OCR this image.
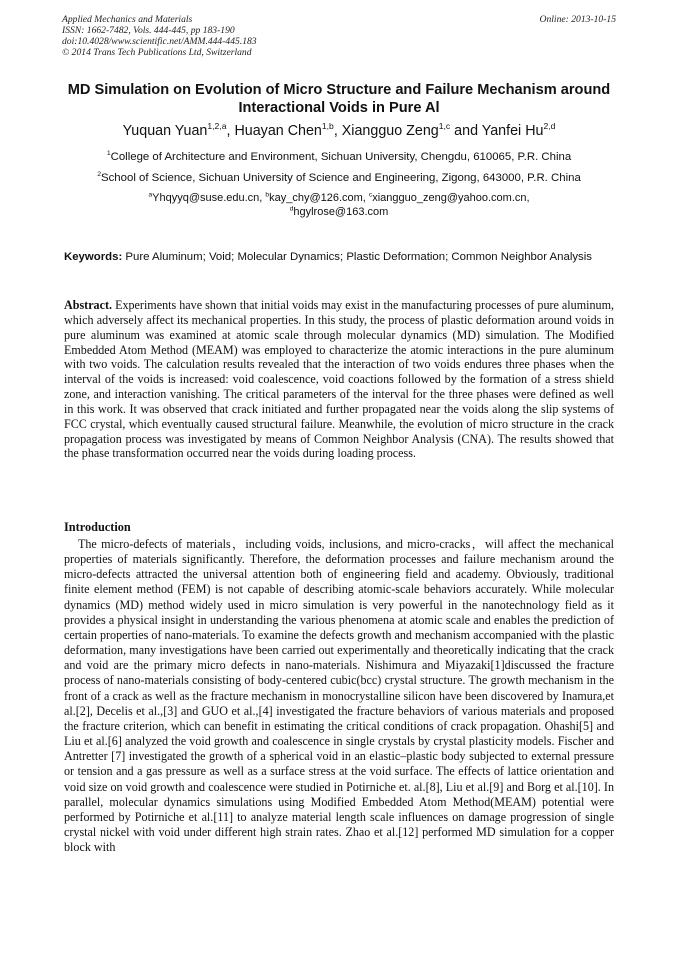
Applied Mechanics and Materials
ISSN: 1662-7482, Vols. 444-445, pp 183-190
doi:10.4028/www.scientific.net/AMM.444-445.183
© 2014 Trans Tech Publications Ltd, Switzerland
Online: 2013-10-15
MD Simulation on Evolution of Micro Structure and Failure Mechanism around Interactional Voids in Pure Al
Yuquan Yuan$^{1,2,a}$, Huayan Chen$^{1,b}$, Xiangguo Zeng$^{1,c}$ and Yanfei Hu$^{2,d}$
$^1$College of Architecture and Environment, Sichuan University, Chengdu, 610065, P.R. China
$^2$School of Science, Sichuan University of Science and Engineering, Zigong, 643000, P.R. China
$^a$Yhqyyq@suse.edu.cn, $^b$kay_chy@126.com, $^c$xiangguo_zeng@yahoo.com.cn,
$^d$hgylrose@163.com
Keywords: Pure Aluminum; Void; Molecular Dynamics; Plastic Deformation; Common Neighbor Analysis
Abstract. Experiments have shown that initial voids may exist in the manufacturing processes of pure aluminum, which adversely affect its mechanical properties. In this study, the process of plastic deformation around voids in pure aluminum was examined at atomic scale through molecular dynamics (MD) simulation. The Modified Embedded Atom Method (MEAM) was employed to characterize the atomic interactions in the pure aluminum with two voids. The calculation results revealed that the interaction of two voids endures three phases when the interval of the voids is increased: void coalescence, void coactions followed by the formation of a stress shield zone, and interaction vanishing. The critical parameters of the interval for the three phases were defined as well in this work. It was observed that crack initiated and further propagated near the voids along the slip systems of FCC crystal, which eventually caused structural failure. Meanwhile, the evolution of micro structure in the crack propagation process was investigated by means of Common Neighbor Analysis (CNA). The results showed that the phase transformation occurred near the voids during loading process.
Introduction
The micro-defects of materials，including voids, inclusions, and micro-cracks，will affect the mechanical properties of materials significantly. Therefore, the deformation processes and failure mechanism around the micro-defects attracted the universal attention both of engineering field and academy. Obviously, traditional finite element method (FEM) is not capable of describing atomic-scale behaviors accurately. While molecular dynamics (MD) method widely used in micro simulation is very powerful in the nanotechnology field as it provides a physical insight in understanding the various phenomena at atomic scale and enables the prediction of certain properties of nano-materials. To examine the defects growth and mechanism accompanied with the plastic deformation, many investigations have been carried out experimentally and theoretically indicating that the crack and void are the primary micro defects in nano-materials. Nishimura and Miyazaki[1]discussed the fracture process of nano-materials consisting of body-centered cubic(bcc) crystal structure. The growth mechanism in the front of a crack as well as the fracture mechanism in monocrystalline silicon have been discovered by Inamura,et al.[2], Decelis et al.,[3] and GUO et al.,[4] investigated the fracture behaviors of various materials and proposed the fracture criterion, which can benefit in estimating the critical conditions of crack propagation. Ohashi[5] and Liu et al.[6] analyzed the void growth and coalescence in single crystals by crystal plasticity models. Fischer and Antretter [7] investigated the growth of a spherical void in an elastic–plastic body subjected to external pressure or tension and a gas pressure as well as a surface stress at the void surface. The effects of lattice orientation and void size on void growth and coalescence were studied in Potirniche et. al.[8], Liu et al.[9] and Borg et al.[10]. In parallel, molecular dynamics simulations using Modified Embedded Atom Method(MEAM) potential were performed by Potirniche et al.[11] to analyze material length scale influences on damage progression of single crystal nickel with void under different high strain rates. Zhao et al.[12] performed MD simulation for a copper block with
